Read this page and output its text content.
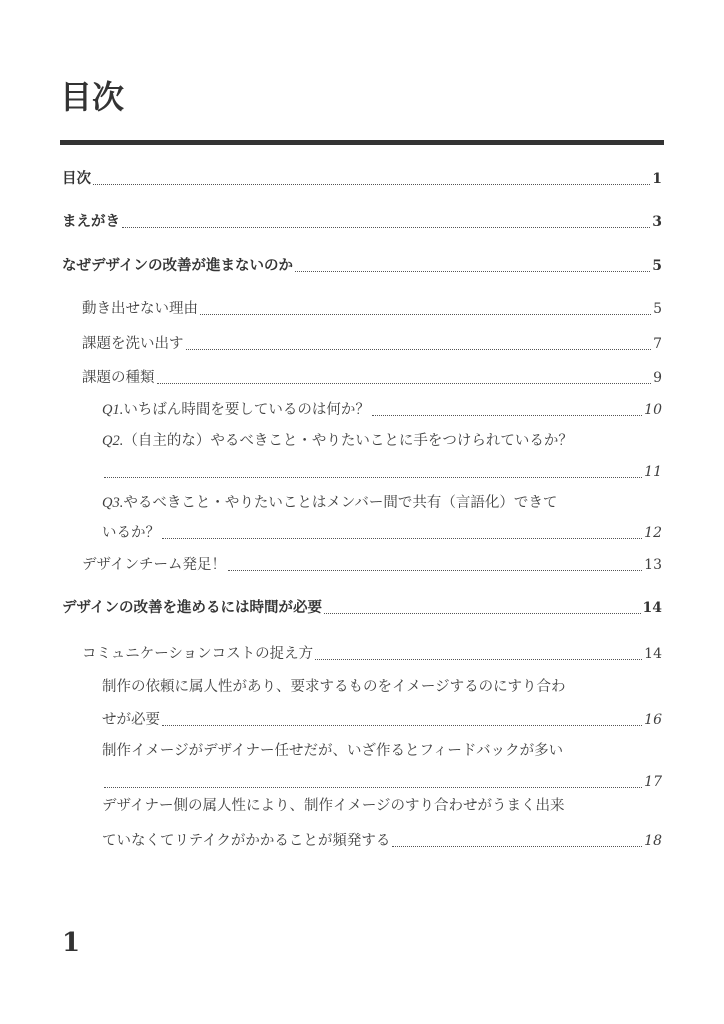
目次
目次	1
まえがき	3
なぜデザインの改善が進まないのか	5
動き出せない理由	5
課題を洗い出す	7
課題の種類	9
Q1. いちばん時間を要しているのは何か？	10
Q2. （自主的な）やるべきこと・やりたいことに手をつけられているか？
11
Q3. やるべきこと・やりたいことはメンバー間で共有（言語化）できて
いるか？	12
デザインチーム発足！	13
デザインの改善を進めるには時間が必要	14
コミュニケーションコストの捉え方	14
制作の依頼に属人性があり、要求するものをイメージするのにすり合わ
せが必要	16
制作イメージがデザイナー任せだが、いざ作るとフィードバックが多い
17
デザイナー側の属人性により、制作イメージのすり合わせがうまく出来
ていなくてリテイクがかかることが頻発する	18
1
